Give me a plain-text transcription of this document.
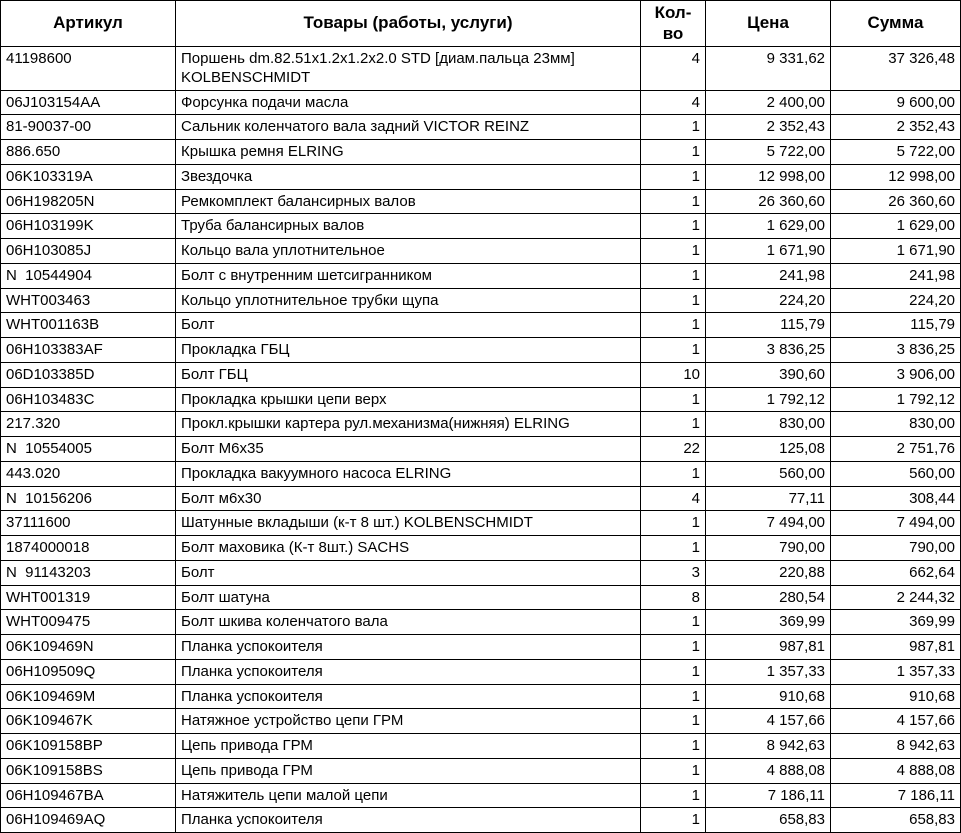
Артикул	Товары (работы, услуги)	Кол-во	Цена	Сумма
41198600	Поршень dm.82.51x1.2x1.2x2.0 STD [диам.пальца 23мм] KOLBENSCHMIDT	4	9 331,62	37 326,48
06J103154AA	Форсунка подачи масла	4	2 400,00	9 600,00
81-90037-00	Сальник коленчатого вала задний VICTOR REINZ	1	2 352,43	2 352,43
886.650	Крышка ремня ELRING	1	5 722,00	5 722,00
06K103319A	Звездочка	1	12 998,00	12 998,00
06H198205N	Ремкомплект балансирных валов	1	26 360,60	26 360,60
06H103199K	Труба балансирных валов	1	1 629,00	1 629,00
06H103085J	Кольцо вала уплотнительное	1	1 671,90	1 671,90
N  10544904	Болт с внутренним шетсигранником	1	241,98	241,98
WHT003463	Кольцо уплотнительное трубки щупа	1	224,20	224,20
WHT001163B	Болт	1	115,79	115,79
06H103383AF	Прокладка ГБЦ	1	3 836,25	3 836,25
06D103385D	Болт ГБЦ	10	390,60	3 906,00
06H103483C	Прокладка крышки цепи верх	1	1 792,12	1 792,12
217.320	Прокл.крышки картера рул.механизма(нижняя) ELRING	1	830,00	830,00
N  10554005	Болт М6х35	22	125,08	2 751,76
443.020	Прокладка вакуумного насоса ELRING	1	560,00	560,00
N  10156206	Болт м6х30	4	77,11	308,44
37111600	Шатунные вкладыши (к-т 8 шт.) KOLBENSCHMIDT	1	7 494,00	7 494,00
1874000018	Болт маховика (К-т 8шт.) SACHS	1	790,00	790,00
N  91143203	Болт	3	220,88	662,64
WHT001319	Болт шатуна	8	280,54	2 244,32
WHT009475	Болт шкива коленчатого вала	1	369,99	369,99
06K109469N	Планка успокоителя	1	987,81	987,81
06H109509Q	Планка успокоителя	1	1 357,33	1 357,33
06K109469M	Планка успокоителя	1	910,68	910,68
06K109467K	Натяжное устройство цепи ГРМ	1	4 157,66	4 157,66
06K109158BP	Цепь привода ГРМ	1	8 942,63	8 942,63
06K109158BS	Цепь привода ГРМ	1	4 888,08	4 888,08
06H109467BA	Натяжитель цепи малой цепи	1	7 186,11	7 186,11
06H109469AQ	Планка успокоителя	1	658,83	658,83
